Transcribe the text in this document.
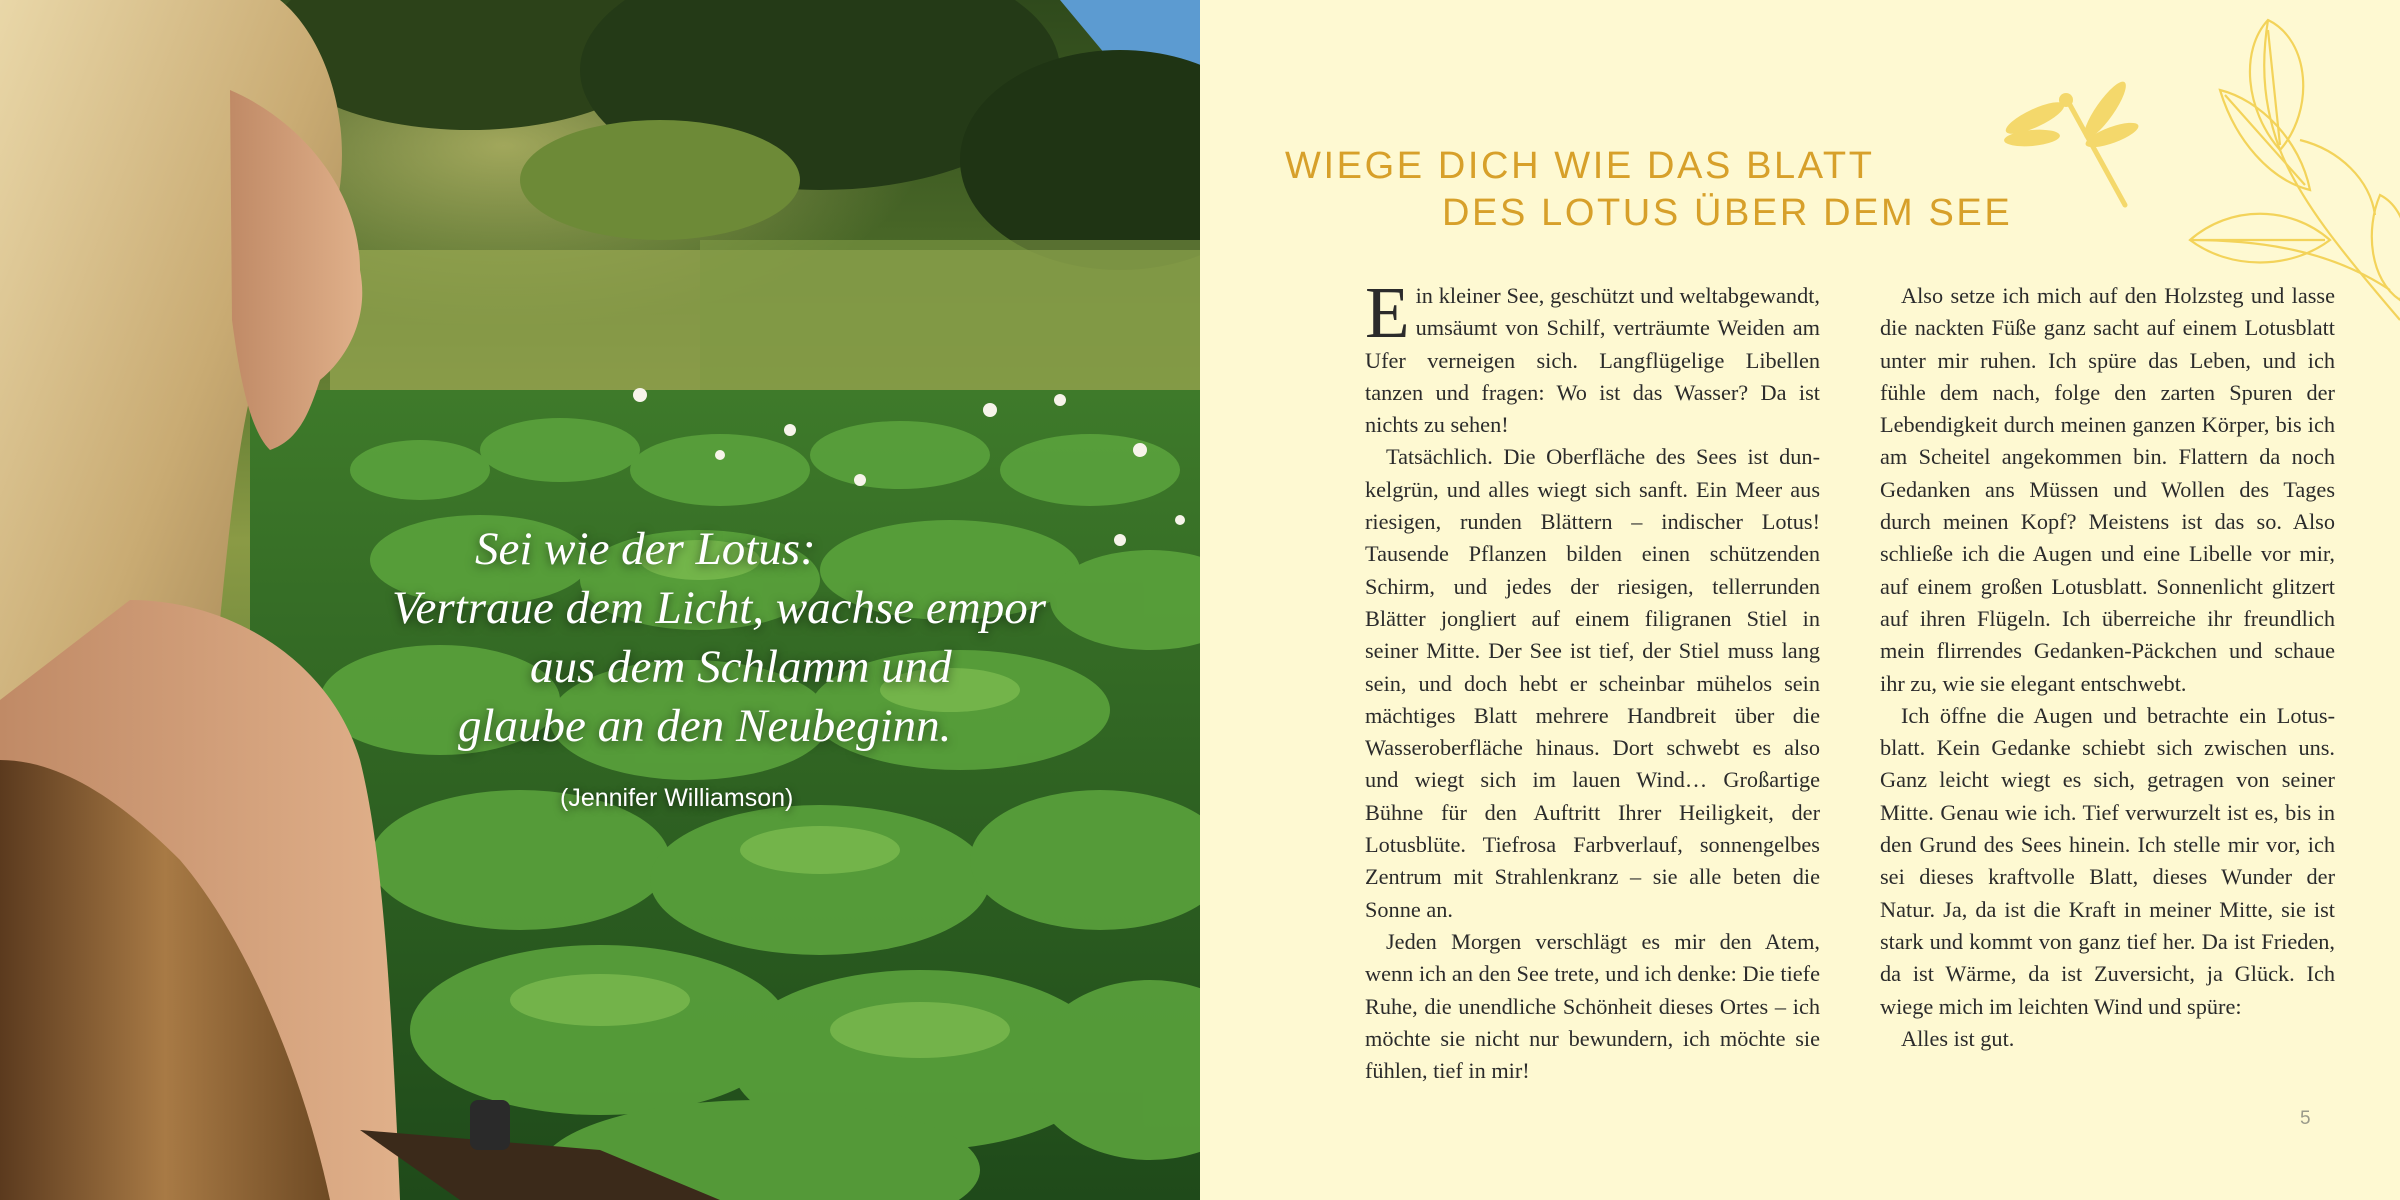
Sei wie der Lotus:
Vertraue dem Licht, wachse empor
aus dem Schlamm und
glaube an den Neubeginn.
(Jennifer Williamson)
WIEGE DICH WIE DAS BLATT
DES LOTUS ÜBER DEM SEE

Ein kleiner See, geschützt und weltabgewandt, umsäumt von Schilf, verträumte Weiden am Ufer verneigen sich. Langflügelige Libellen tanzen und fragen: Wo ist das Wasser? Da ist nichts zu sehen!

Tatsächlich. Die Oberfläche des Sees ist dunkelgrün, und alles wiegt sich sanft. Ein Meer aus riesigen, runden Blättern – indischer Lotus! Tausende Pflanzen bilden einen schützenden Schirm, und jedes der riesigen, tellerrunden Blätter jongliert auf einem filigranen Stiel in seiner Mitte. Der See ist tief, der Stiel muss lang sein, und doch hebt er scheinbar mühelos sein mächtiges Blatt mehrere Handbreit über die Wasseroberfläche hinaus. Dort schwebt es also und wiegt sich im lauen Wind… Großartige Bühne für den Auftritt Ihrer Heiligkeit, der Lotusblüte. Tiefrosa Farbverlauf, sonnengelbes Zentrum mit Strahlenkranz – sie alle beten die Sonne an.

Jeden Morgen verschlägt es mir den Atem, wenn ich an den See trete, und ich denke: Die tiefe Ruhe, die unendliche Schönheit dieses Ortes – ich möchte sie nicht nur bewundern, ich möchte sie fühlen, tief in mir!

Also setze ich mich auf den Holzsteg und lasse die nackten Füße ganz sacht auf einem Lotusblatt unter mir ruhen. Ich spüre das Leben, und ich fühle dem nach, folge den zarten Spuren der Lebendigkeit durch meinen ganzen Körper, bis ich am Scheitel angekommen bin. Flattern da noch Gedanken ans Müssen und Wollen des Tages durch meinen Kopf? Meistens ist das so. Also schließe ich die Augen und eine Libelle vor mir, auf einem großen Lotusblatt. Sonnenlicht glitzert auf ihren Flügeln. Ich überreiche ihr freundlich mein flirrendes Gedanken-Päckchen und schaue ihr zu, wie sie elegant entschwebt.

Ich öffne die Augen und betrachte ein Lotusblatt. Kein Gedanke schiebt sich zwischen uns. Ganz leicht wiegt es sich, getragen von seiner Mitte. Genau wie ich. Tief verwurzelt ist es, bis in den Grund des Sees hinein. Ich stelle mir vor, ich sei dieses kraftvolle Blatt, dieses Wunder der Natur. Ja, da ist die Kraft in meiner Mitte, sie ist stark und kommt von ganz tief her. Da ist Frieden, da ist Wärme, da ist Zuversicht, ja Glück. Ich wiege mich im leichten Wind und spüre:

Alles ist gut.

5
